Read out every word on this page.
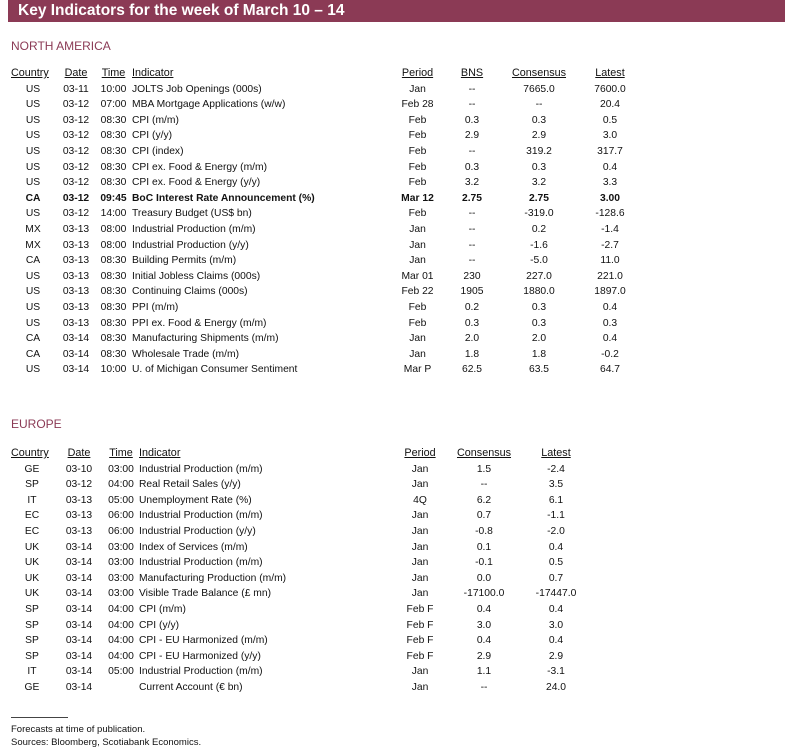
Key Indicators for the week of March 10 – 14
NORTH AMERICA
Country	Date	Time	Indicator	Period	BNS	Consensus	Latest
US	03-11	10:00	JOLTS Job Openings (000s)	Jan	--	7665.0	7600.0
US	03-12	07:00	MBA Mortgage Applications (w/w)	Feb 28	--	--	20.4
US	03-12	08:30	CPI (m/m)	Feb	0.3	0.3	0.5
US	03-12	08:30	CPI (y/y)	Feb	2.9	2.9	3.0
US	03-12	08:30	CPI (index)	Feb	--	319.2	317.7
US	03-12	08:30	CPI ex. Food & Energy (m/m)	Feb	0.3	0.3	0.4
US	03-12	08:30	CPI ex. Food & Energy (y/y)	Feb	3.2	3.2	3.3
CA	03-12	09:45	BoC Interest Rate Announcement (%)	Mar 12	2.75	2.75	3.00
US	03-12	14:00	Treasury Budget (US$ bn)	Feb	--	-319.0	-128.6
MX	03-13	08:00	Industrial Production (m/m)	Jan	--	0.2	-1.4
MX	03-13	08:00	Industrial Production (y/y)	Jan	--	-1.6	-2.7
CA	03-13	08:30	Building Permits (m/m)	Jan	--	-5.0	11.0
US	03-13	08:30	Initial Jobless Claims (000s)	Mar 01	230	227.0	221.0
US	03-13	08:30	Continuing Claims (000s)	Feb 22	1905	1880.0	1897.0
US	03-13	08:30	PPI (m/m)	Feb	0.2	0.3	0.4
US	03-13	08:30	PPI ex. Food & Energy (m/m)	Feb	0.3	0.3	0.3
CA	03-14	08:30	Manufacturing Shipments (m/m)	Jan	2.0	2.0	0.4
CA	03-14	08:30	Wholesale Trade (m/m)	Jan	1.8	1.8	-0.2
US	03-14	10:00	U. of Michigan Consumer Sentiment	Mar P	62.5	63.5	64.7
EUROPE
Country	Date	Time	Indicator	Period	Consensus	Latest
GE	03-10	03:00	Industrial Production (m/m)	Jan	1.5	-2.4
SP	03-12	04:00	Real Retail Sales (y/y)	Jan	--	3.5
IT	03-13	05:00	Unemployment Rate (%)	4Q	6.2	6.1
EC	03-13	06:00	Industrial Production (m/m)	Jan	0.7	-1.1
EC	03-13	06:00	Industrial Production (y/y)	Jan	-0.8	-2.0
UK	03-14	03:00	Index of Services (m/m)	Jan	0.1	0.4
UK	03-14	03:00	Industrial Production (m/m)	Jan	-0.1	0.5
UK	03-14	03:00	Manufacturing Production (m/m)	Jan	0.0	0.7
UK	03-14	03:00	Visible Trade Balance (£ mn)	Jan	-17100.0	-17447.0
SP	03-14	04:00	CPI (m/m)	Feb F	0.4	0.4
SP	03-14	04:00	CPI (y/y)	Feb F	3.0	3.0
SP	03-14	04:00	CPI - EU Harmonized (m/m)	Feb F	0.4	0.4
SP	03-14	04:00	CPI - EU Harmonized (y/y)	Feb F	2.9	2.9
IT	03-14	05:00	Industrial Production (m/m)	Jan	1.1	-3.1
GE	03-14		Current Account (€ bn)	Jan	--	24.0
Forecasts at time of publication.
Sources: Bloomberg, Scotiabank Economics.
